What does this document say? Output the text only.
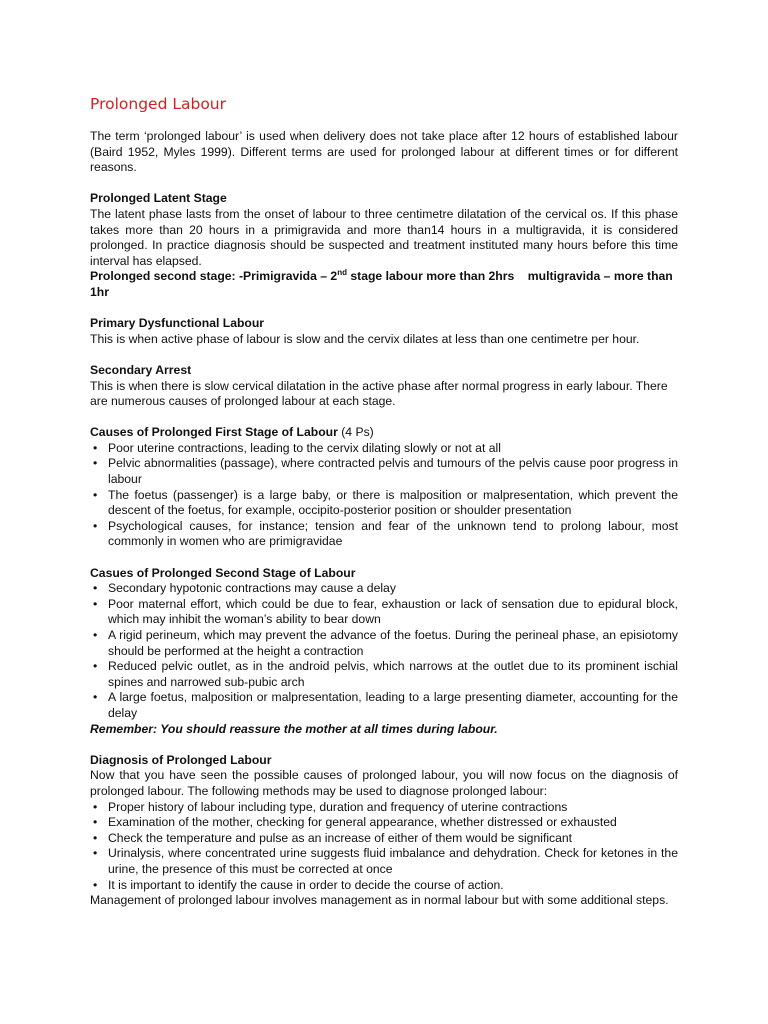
Prolonged Labour

The term ‘prolonged labour’ is used when delivery does not take place after 12 hours of established labour (Baird 1952, Myles 1999). Different terms are used for prolonged labour at different times or for different reasons.

Prolonged Latent Stage

The latent phase lasts from the onset of labour to three centimetre dilatation of the cervical os. If this phase takes more than 20 hours in a primigravida and more than14 hours in a multigravida, it is considered prolonged. In practice diagnosis should be suspected and treatment instituted many hours before this time interval has elapsed.

Prolonged second stage: -Primigravida – 2nd stage labour more than 2hrs    multigravida – more than 1hr

Primary Dysfunctional Labour

This is when active phase of labour is slow and the cervix dilates at less than one centimetre per hour.

Secondary Arrest

This is when there is slow cervical dilatation in the active phase after normal progress in early labour. There are numerous causes of prolonged labour at each stage.

Causes of Prolonged First Stage of Labour (4 Ps)

• Poor uterine contractions, leading to the cervix dilating slowly or not at all
• Pelvic abnormalities (passage), where contracted pelvis and tumours of the pelvis cause poor progress in labour
• The foetus (passenger) is a large baby, or there is malposition or malpresentation, which prevent the descent of the foetus, for example, occipito-posterior position or shoulder presentation
• Psychological causes, for instance; tension and fear of the unknown tend to prolong labour, most commonly in women who are primigravidae

Casues of Prolonged Second Stage of Labour

• Secondary hypotonic contractions may cause a delay
• Poor maternal effort, which could be due to fear, exhaustion or lack of sensation due to epidural block, which may inhibit the woman’s ability to bear down
• A rigid perineum, which may prevent the advance of the foetus. During the perineal phase, an episiotomy should be performed at the height a contraction
• Reduced pelvic outlet, as in the android pelvis, which narrows at the outlet due to its prominent ischial spines and narrowed sub-pubic arch
• A large foetus, malposition or malpresentation, leading to a large presenting diameter, accounting for the delay

Remember: You should reassure the mother at all times during labour.

Diagnosis of Prolonged Labour

Now that you have seen the possible causes of prolonged labour, you will now focus on the diagnosis of prolonged labour. The following methods may be used to diagnose prolonged labour:

• Proper history of labour including type, duration and frequency of uterine contractions
• Examination of the mother, checking for general appearance, whether distressed or exhausted
• Check the temperature and pulse as an increase of either of them would be significant
• Urinalysis, where concentrated urine suggests fluid imbalance and dehydration. Check for ketones in the urine, the presence of this must be corrected at once
• It is important to identify the cause in order to decide the course of action.

Management of prolonged labour involves management as in normal labour but with some additional steps.
